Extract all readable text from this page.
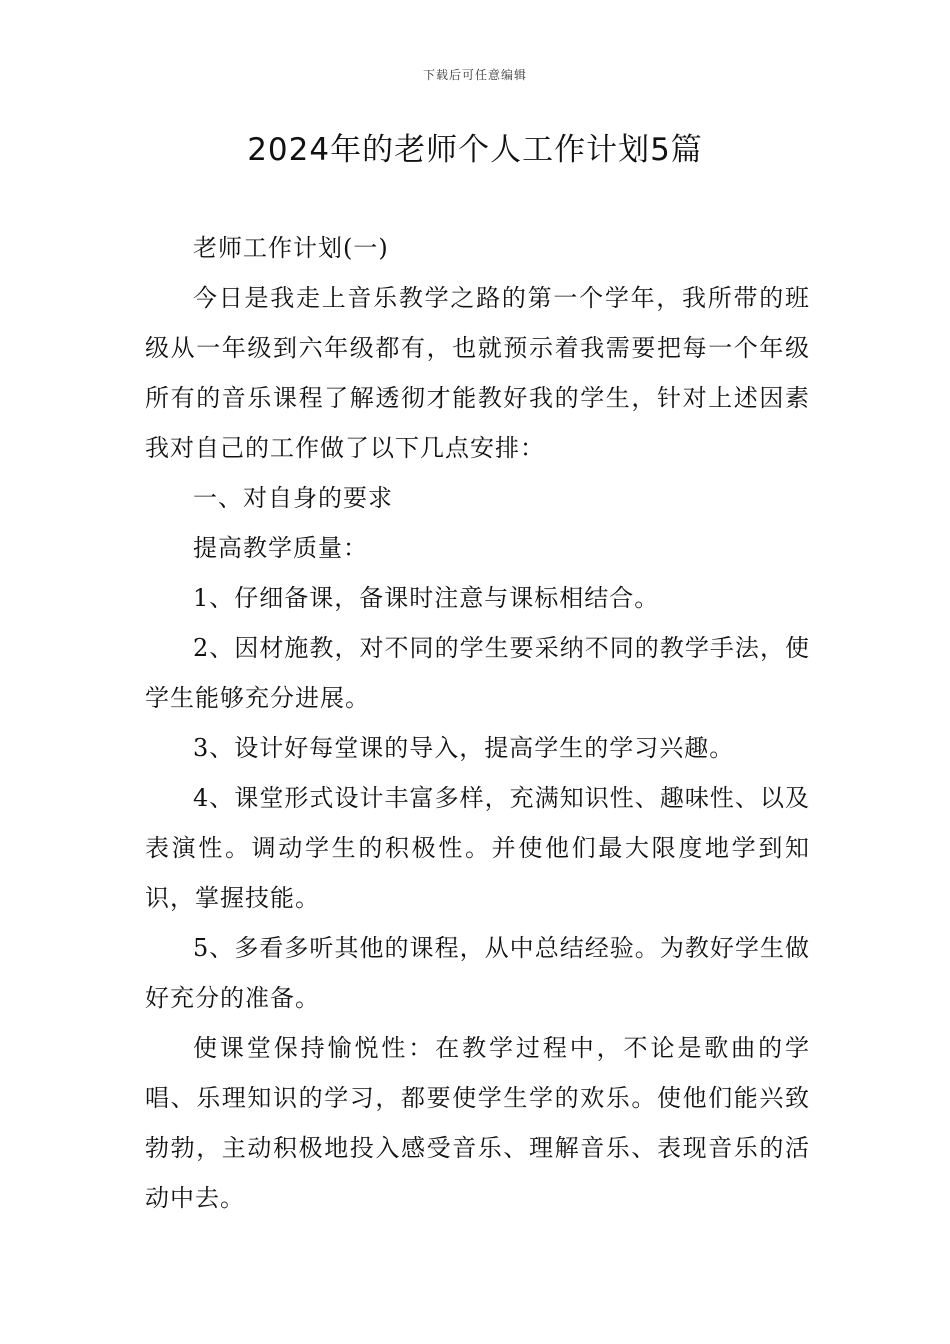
下载后可任意编辑
2024年的老师个人工作计划5篇

老师工作计划(一)

今日是我走上音乐教学之路的第一个学年，我所带的班级从一年级到六年级都有，也就预示着我需要把每一个年级所有的音乐课程了解透彻才能教好我的学生，针对上述因素我对自己的工作做了以下几点安排：

一、对自身的要求

提高教学质量：

1、仔细备课，备课时注意与课标相结合。

2、因材施教，对不同的学生要采纳不同的教学手法，使学生能够充分进展。

3、设计好每堂课的导入，提高学生的学习兴趣。

4、课堂形式设计丰富多样，充满知识性、趣味性、以及表演性。调动学生的积极性。并使他们最大限度地学到知识，掌握技能。

5、多看多听其他的课程，从中总结经验。为教好学生做好充分的准备。

使课堂保持愉悦性：在教学过程中，不论是歌曲的学唱、乐理知识的学习，都要使学生学的欢乐。使他们能兴致勃勃，主动积极地投入感受音乐、理解音乐、表现音乐的活动中去。
